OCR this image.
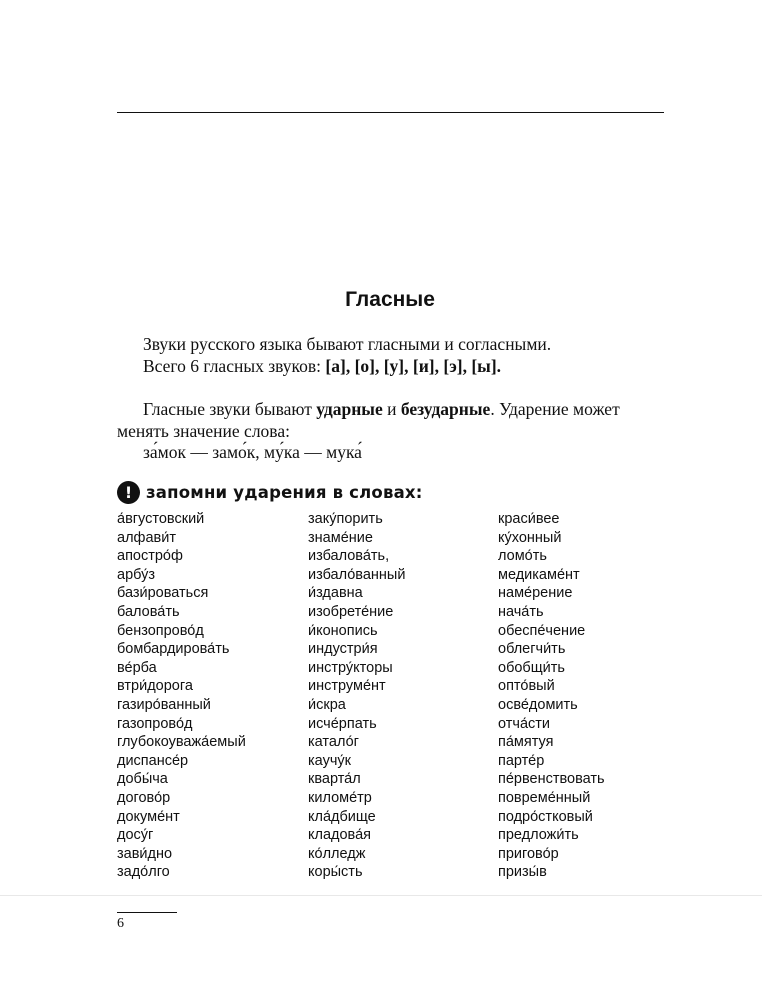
Гласные
Звуки русского языка бывают гласными и согласными.
Всего 6 гласных звуков: [а], [о], [у], [и], [э], [ы].
Гласные звуки бывают ударные и безударные. Ударение может менять значение слова:
за́мок — замо́к, му́ка — мука́
! запомни ударения в словах:
а́вгустовский
алфави́т
апостро́ф
арбу́з
бази́роваться
балова́ть
бензопрово́д
бомбардирова́ть
ве́рба
втри́дорога
газиро́ванный
газопрово́д
глубокоуважа́емый
диспансе́р
добы́ча
догово́р
докуме́нт
досу́г
зави́дно
задо́лго
заку́порить
знаме́ние
избалова́ть,
избало́ванный
и́здавна
изобрете́ние
и́конопись
индустри́я
инстру́кторы
инструме́нт
и́скра
исче́рпать
катало́г
каучу́к
кварта́л
киломе́тр
кла́дбище
кладова́я
ко́лледж
коры́сть
краси́вее
ку́хонный
ломо́ть
медикаме́нт
наме́рение
нача́ть
обеспе́чение
облегчи́ть
обобщи́ть
опто́вый
осве́домить
отча́сти
па́мятуя
парте́р
пе́рвенствовать
повреме́нный
подро́стковый
предложи́ть
пригово́р
призы́в
6
